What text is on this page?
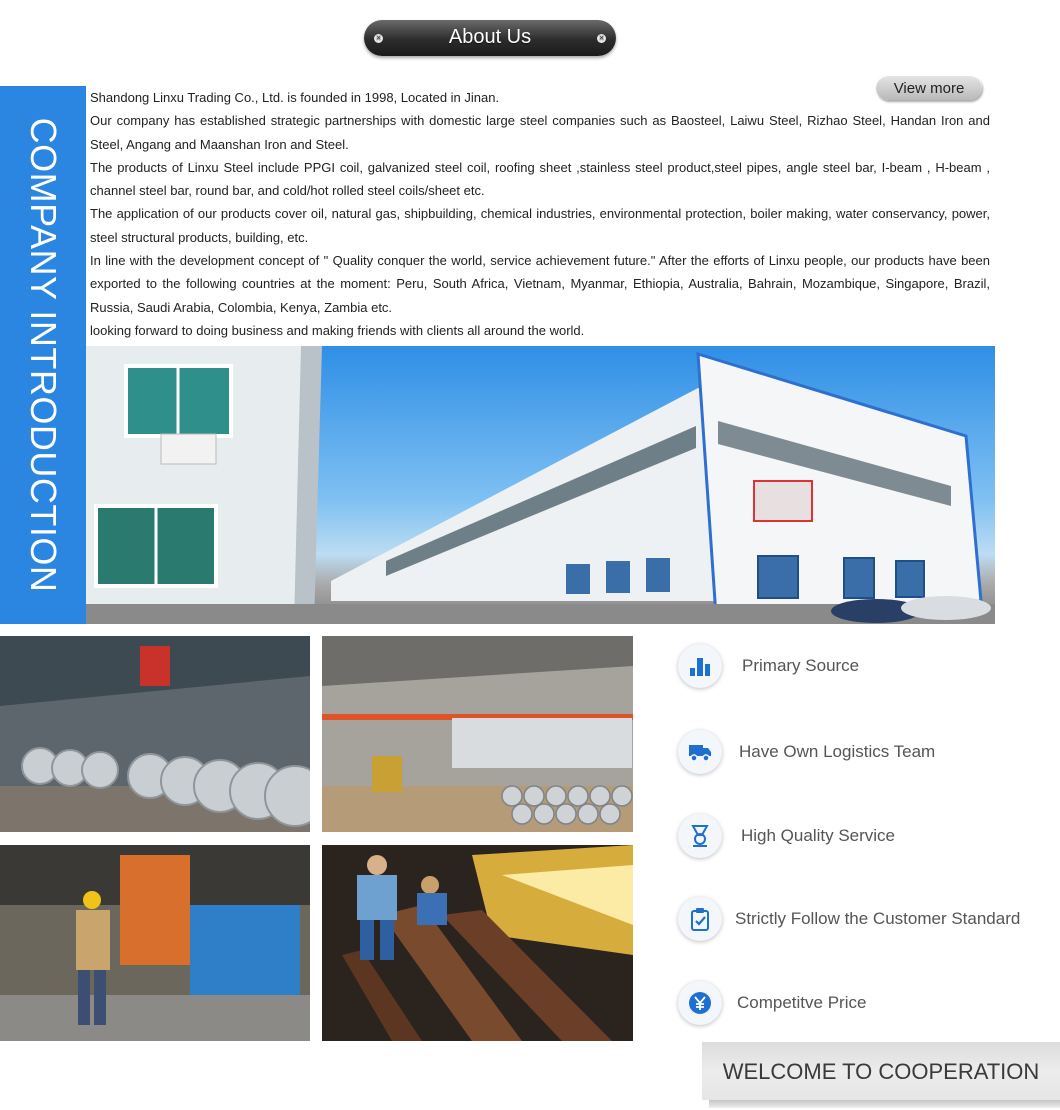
✕	About Us	✕
COMPANY INTRODUCTION

Shandong Linxu Trading Co., Ltd. is founded in 1998, Located in Jinan.

Our company has established strategic partnerships with domestic large steel companies such as Baosteel, Laiwu Steel, Rizhao Steel, Handan Iron and Steel, Angang and Maanshan Iron and Steel.

The products of Linxu Steel include PPGI coil, galvanized steel coil, roofing sheet ,stainless steel product,steel pipes, angle steel bar, I-beam , H-beam , channel steel bar, round bar, and cold/hot rolled steel coils/sheet etc.

The application of our products cover oil, natural gas, shipbuilding, chemical industries, environmental protection, boiler making, water conservancy, power, steel structural products, building, etc.

In line with the development concept of " Quality conquer the world, service achievement future." After the efforts of Linxu people, our products have been exported to the following countries at the moment: Peru, South Africa, Vietnam, Myanmar, Ethiopia, Australia, Bahrain, Mozambique, Singapore, Brazil, Russia, Saudi Arabia, Colombia, Kenya, Zambia etc.

looking forward to doing business and making friends with clients all around the world.

View more
Primary Source
Have Own Logistics Team
High Quality Service
Strictly Follow the Customer Standard
Competitve Price
WELCOME TO COOPERATION
